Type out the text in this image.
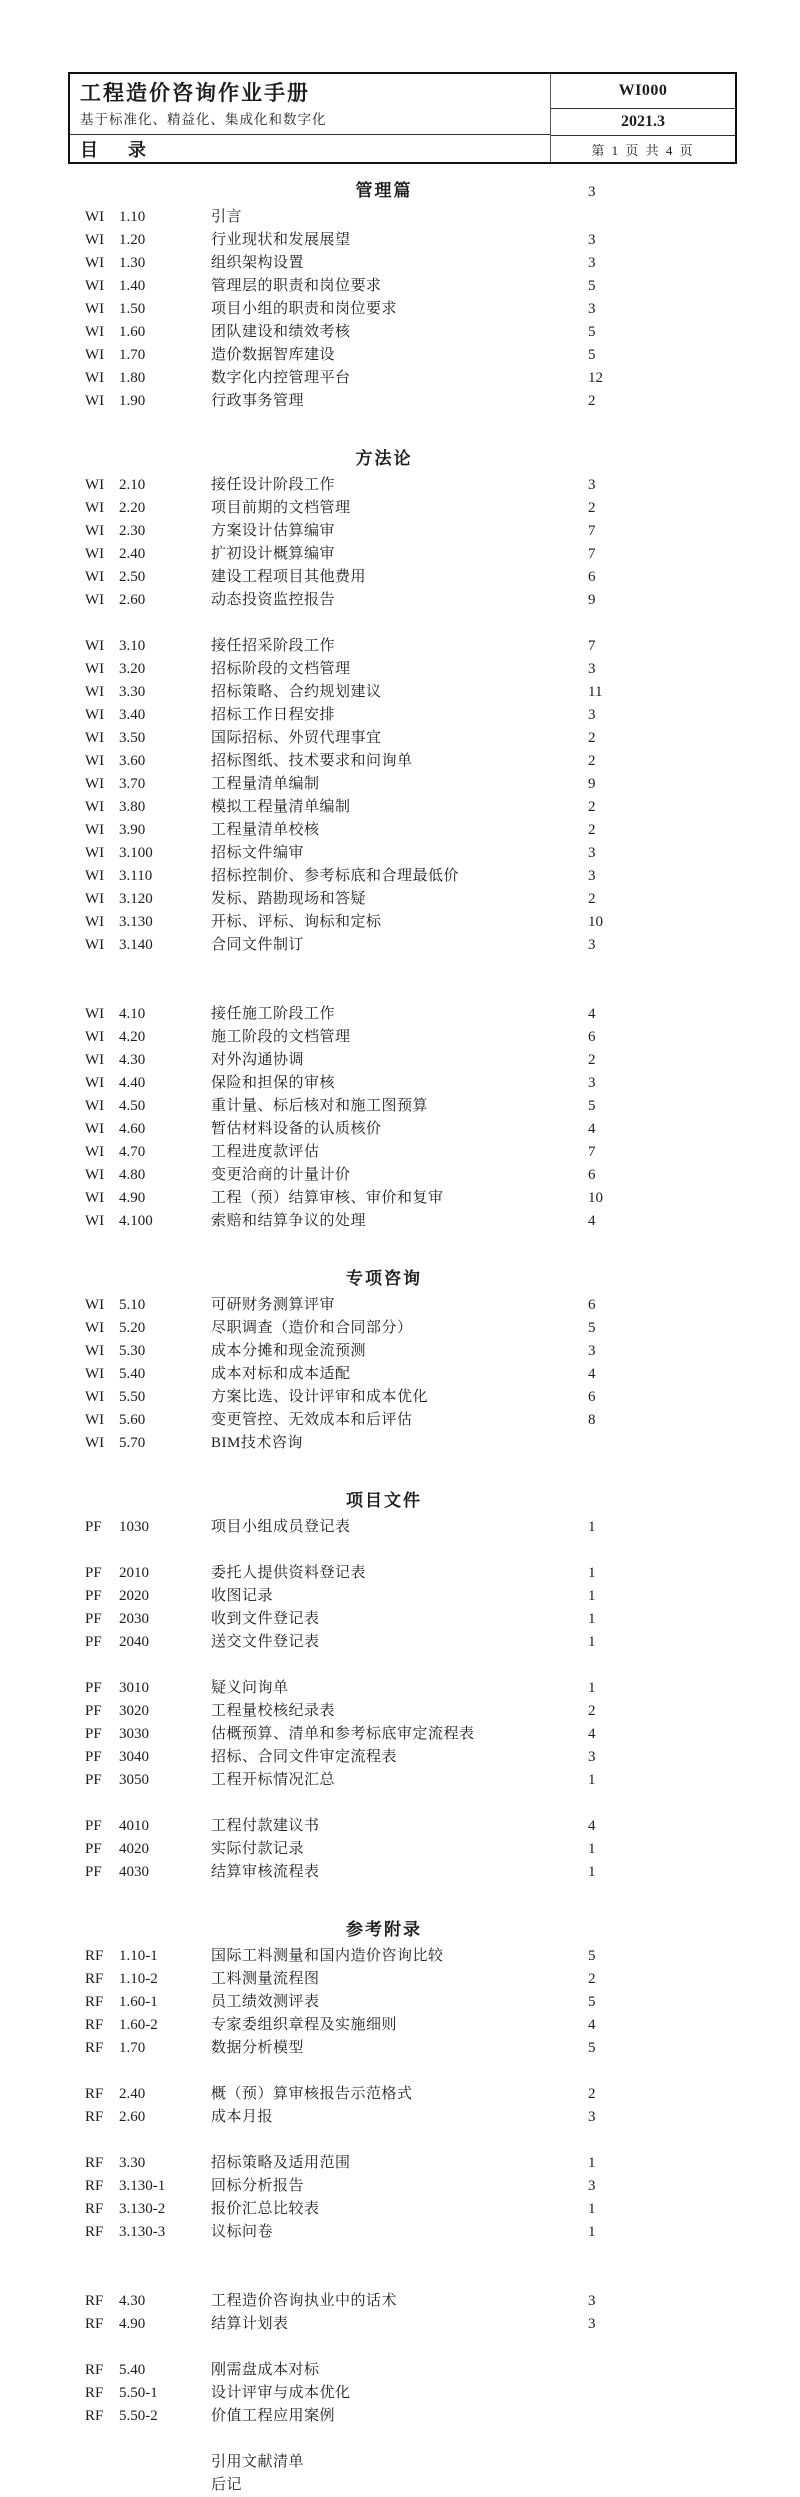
工程造价咨询作业手册
基于标准化、精益化、集成化和数字化
目　录
WI000
2021.3
第 1 页 共 4 页
管理篇	3
WI 1.10	引言
WI 1.20	行业现状和发展展望	3
WI 1.30	组织架构设置	3
WI 1.40	管理层的职责和岗位要求	5
WI 1.50	项目小组的职责和岗位要求	3
WI 1.60	团队建设和绩效考核	5
WI 1.70	造价数据智库建设	5
WI 1.80	数字化内控管理平台	12
WI 1.90	行政事务管理	2
方法论
WI 2.10	接任设计阶段工作	3
WI 2.20	项目前期的文档管理	2
WI 2.30	方案设计估算编审	7
WI 2.40	扩初设计概算编审	7
WI 2.50	建设工程项目其他费用	6
WI 2.60	动态投资监控报告	9
WI 3.10	接任招采阶段工作	7
WI 3.20	招标阶段的文档管理	3
WI 3.30	招标策略、合约规划建议	11
WI 3.40	招标工作日程安排	3
WI 3.50	国际招标、外贸代理事宜	2
WI 3.60	招标图纸、技术要求和问询单	2
WI 3.70	工程量清单编制	9
WI 3.80	模拟工程量清单编制	2
WI 3.90	工程量清单校核	2
WI 3.100	招标文件编审	3
WI 3.110	招标控制价、参考标底和合理最低价	3
WI 3.120	发标、踏勘现场和答疑	2
WI 3.130	开标、评标、询标和定标	10
WI 3.140	合同文件制订	3
WI 4.10	接任施工阶段工作	4
WI 4.20	施工阶段的文档管理	6
WI 4.30	对外沟通协调	2
WI 4.40	保险和担保的审核	3
WI 4.50	重计量、标后核对和施工图预算	5
WI 4.60	暂估材料设备的认质核价	4
WI 4.70	工程进度款评估	7
WI 4.80	变更洽商的计量计价	6
WI 4.90	工程（预）结算审核、审价和复审	10
WI 4.100	索赔和结算争议的处理	4
专项咨询
WI 5.10	可研财务测算评审	6
WI 5.20	尽职调查（造价和合同部分）	5
WI 5.30	成本分摊和现金流预测	3
WI 5.40	成本对标和成本适配	4
WI 5.50	方案比选、设计评审和成本优化	6
WI 5.60	变更管控、无效成本和后评估	8
WI 5.70	BIM技术咨询
项目文件
PF	1030	项目小组成员登记表	1
PF	2010	委托人提供资料登记表	1
PF	2020	收图记录	1
PF	2030	收到文件登记表	1
PF	2040	送交文件登记表	1
PF	3010	疑义问询单	1
PF	3020	工程量校核纪录表	2
PF	3030	估概预算、清单和参考标底审定流程表	4
PF	3040	招标、合同文件审定流程表	3
PF	3050	工程开标情况汇总	1
PF	4010	工程付款建议书	4
PF	4020	实际付款记录	1
PF	4030	结算审核流程表	1
参考附录
RF	1.10-1	国际工料测量和国内造价咨询比较	5
RF	1.10-2	工料测量流程图	2
RF	1.60-1	员工绩效测评表	5
RF	1.60-2	专家委组织章程及实施细则	4
RF	1.70	数据分析模型	5
RF	2.40	概（预）算审核报告示范格式	2
RF	2.60	成本月报	3
RF	3.30	招标策略及适用范围	1
RF	3.130-1	回标分析报告	3
RF	3.130-2	报价汇总比较表	1
RF	3.130-3	议标问卷	1
RF	4.30	工程造价咨询执业中的话术	3
RF	4.90	结算计划表	3
RF	5.40	刚需盘成本对标
RF	5.50-1	设计评审与成本优化
RF	5.50-2	价值工程应用案例
引用文献清单
后记
